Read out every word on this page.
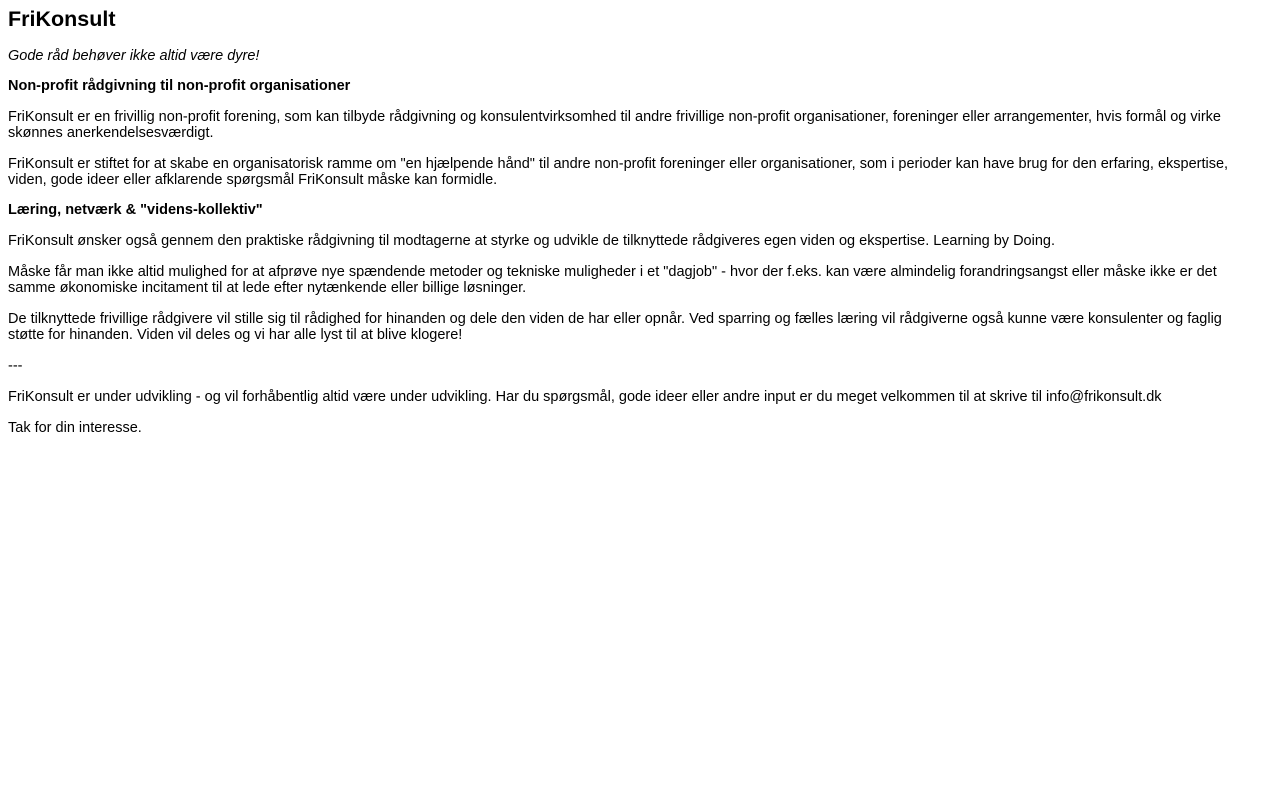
FriKonsult

Gode råd behøver ikke altid være dyre!

Non-profit rådgivning til non-profit organisationer

FriKonsult er en frivillig non-profit forening, som kan tilbyde rådgivning og konsulentvirksomhed til andre frivillige non-profit organisationer, foreninger eller arrangementer, hvis formål og virke skønnes anerkendelsesværdigt.

FriKonsult er stiftet for at skabe en organisatorisk ramme om "en hjælpende hånd" til andre non-profit foreninger eller organisationer, som i perioder kan have brug for den erfaring, ekspertise, viden, gode ideer eller afklarende spørgsmål FriKonsult måske kan formidle.

Læring, netværk & "videns-kollektiv"

FriKonsult ønsker også gennem den praktiske rådgivning til modtagerne at styrke og udvikle de tilknyttede rådgiveres egen viden og ekspertise. Learning by Doing.

Måske får man ikke altid mulighed for at afprøve nye spændende metoder og tekniske muligheder i et "dagjob" - hvor der f.eks. kan være almindelig forandringsangst eller måske ikke er det samme økonomiske incitament til at lede efter nytænkende eller billige løsninger.

De tilknyttede frivillige rådgivere vil stille sig til rådighed for hinanden og dele den viden de har eller opnår. Ved sparring og fælles læring vil rådgiverne også kunne være konsulenter og faglig støtte for hinanden. Viden vil deles og vi har alle lyst til at blive klogere!

---

FriKonsult er under udvikling - og vil forhåbentlig altid være under udvikling. Har du spørgsmål, gode ideer eller andre input er du meget velkommen til at skrive til info@frikonsult.dk

Tak for din interesse.
